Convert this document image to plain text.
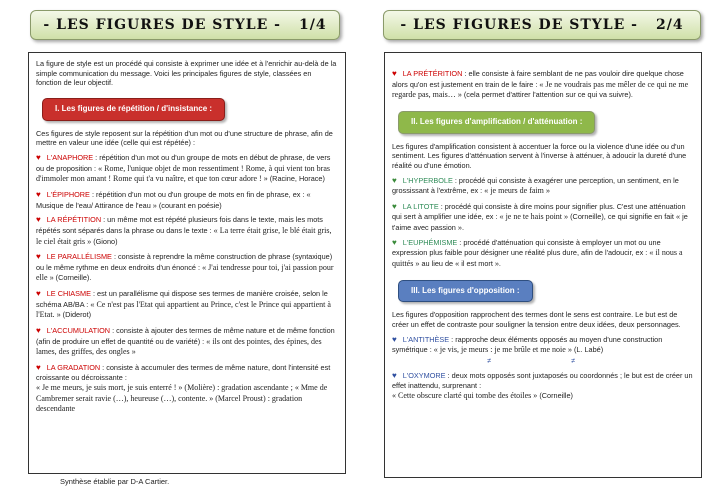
- LES FIGURES DE STYLE - 1/4	- LES FIGURES DE STYLE - 2/4

La figure de style est un procédé qui consiste à exprimer une idée et à l'enrichir au-delà de la simple communication du message. Voici les principales figures de style, classées en fonction de leur objectif.

I. Les figures de répétition / d'insistance :

Ces figures de style reposent sur la répétition d'un mot ou d'une structure de phrase, afin de mettre en valeur une idée (celle qui est répétée) :

♥ L'ANAPHORE : répétition d'un mot ou d'un groupe de mots en début de phrase, de vers ou de proposition : « Rome, l'unique objet de mon ressentiment ! Rome, à qui vient ton bras d'immoler mon amant ! Rome qui t'a vu naître, et que ton cœur adore ! » (Racine, Horace)

♥ L'ÉPIPHORE : répétition d'un mot ou d'un groupe de mots en fin de phrase, ex : « Musique de l'eau/ Attirance de l'eau » (courant en poésie)

♥ LA RÉPÉTITION : un même mot est répété plusieurs fois dans le texte, mais les mots répétés sont séparés dans la phrase ou dans le texte : « La terre était grise, le blé était gris, le ciel était gris » (Giono)

♥ LE PARALLÉLISME : consiste à reprendre la même construction de phrase (syntaxique) ou le même rythme en deux endroits d'un énoncé : « J'ai tendresse pour toi, j'ai passion pour elle » (Corneille).

♥ LE CHIASME : est un parallélisme qui dispose ses termes de manière croisée, selon le schéma AB/BA : « Ce n'est pas l'Etat qui appartient au Prince, c'est le Prince qui appartient à l'Etat. » (Diderot)

♥ L'ACCUMULATION : consiste à ajouter des termes de même nature et de même fonction (afin de produire un effet de quantité ou de variété) : « ils ont des pointes, des épines, des lames, des griffes, des ongles »

♥ LA GRADATION : consiste à accumuler des termes de même nature, dont l'intensité est croissante ou décroissante :
« Je me meurs, je suis mort, je suis enterré ! » (Molière) : gradation ascendante ; « Mme de Cambremer serait ravie (…), heureuse (…), contente. » (Marcel Proust) : gradation descendante

Synthèse établie par D-A Cartier.

♥ LA PRÉTÉRITION : elle consiste à faire semblant de ne pas vouloir dire quelque chose alors qu'on est justement en train de le faire : « Je ne voudrais pas me mêler de ce qui ne me regarde pas, mais… » (cela permet d'attirer l'attention sur ce qui va suivre).

II. Les figures d'amplification / d'atténuation :

Les figures d'amplification consistent à accentuer la force ou la violence d'une idée ou d'un sentiment. Les figures d'atténuation servent à l'inverse à atténuer, à adoucir la dureté d'une réalité ou d'une émotion.

♥ L'HYPERBOLE : procédé qui consiste à exagérer une perception, un sentiment, en le grossissant à l'extrême, ex : « je meurs de faim »

♥ LA LITOTE : procédé qui consiste à dire moins pour signifier plus. C'est une atténuation qui sert à amplifier une idée, ex : « je ne te hais point » (Corneille), ce qui signifie en fait « je t'aime avec passion ».

♥ L'EUPHÉMISME : procédé d'atténuation qui consiste à employer un mot ou une expression plus faible pour désigner une réalité plus dure, afin de l'adoucir, ex : « il nous a quittés » au lieu de « il est mort ».

III. Les figures d'opposition :

Les figures d'opposition rapprochent des termes dont le sens est contraire. Le but est de créer un effet de contraste pour souligner la tension entre deux idées, deux personnages.

♥ L'ANTITHÈSE : rapproche deux éléments opposés au moyen d'une construction symétrique : « je vis, je meurs : je me brûle et me noie » (L. Labé)
≠	≠

♥ L'OXYMORE : deux mots opposés sont juxtaposés ou coordonnés ; le but est de créer un effet inattendu, surprenant :
« Cette obscure clarté qui tombe des étoiles » (Corneille)
